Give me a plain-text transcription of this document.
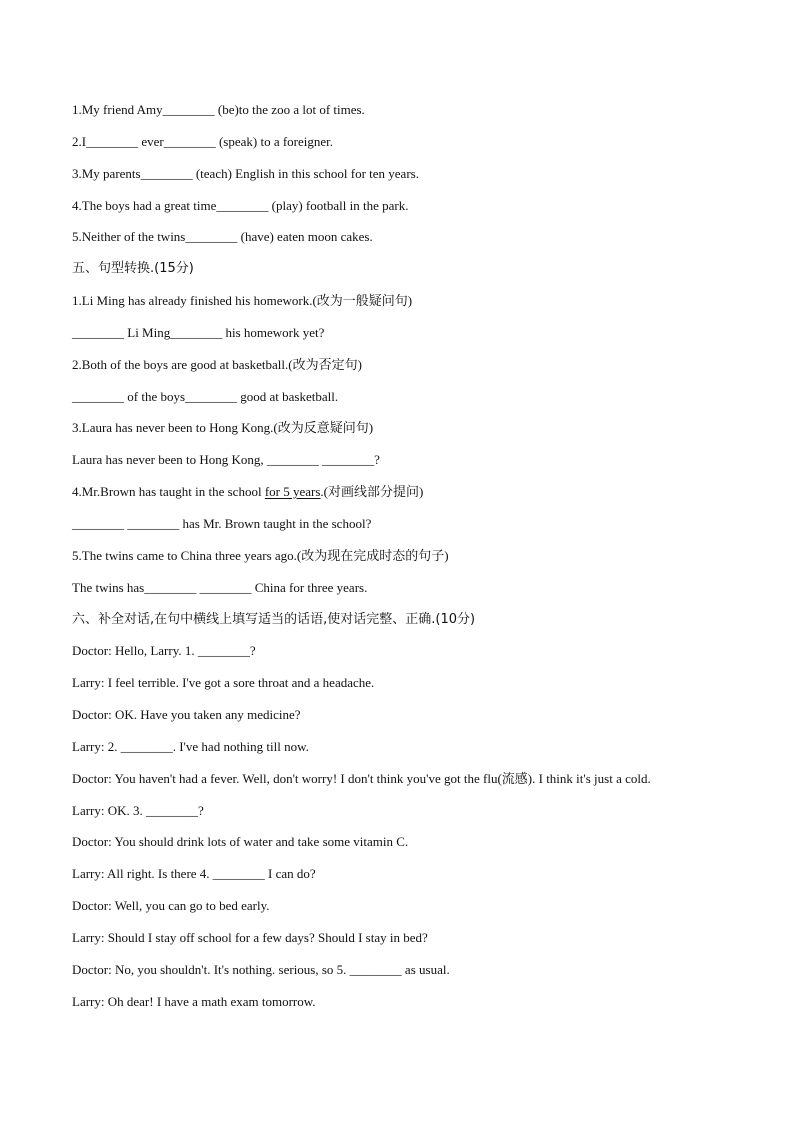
1.My friend Amy________ (be)to the zoo a lot of times.
2.I________ ever________ (speak) to a foreigner.
3.My parents________ (teach) English in this school for ten years.
4.The boys had a great time________ (play) football in the park.
5.Neither of the twins________ (have) eaten moon cakes.
五、句型转换.(15分)
1.Li Ming has already finished his homework.(改为一般疑问句)
________ Li Ming________ his homework yet?
2.Both of the boys are good at basketball.(改为否定句)
________ of the boys________ good at basketball.
3.Laura has never been to Hong Kong.(改为反意疑问句)
Laura has never been to Hong Kong, ________ ________?
4.Mr.Brown has taught in the school for 5 years.(对画线部分提问)
________ ________ has Mr. Brown taught in the school?
5.The twins came to China three years ago.(改为现在完成时态的句子)
The twins has________ ________ China for three years.
六、补全对话,在句中横线上填写适当的话语,使对话完整、正确.(10分)
Doctor: Hello, Larry. 1. ________?
Larry: I feel terrible. I've got a sore throat and a headache.
Doctor: OK. Have you taken any medicine?
Larry: 2. ________. I've had nothing till now.
Doctor: You haven't had a fever. Well, don't worry! I don't think you've got the flu(流感). I think it's just a cold.
Larry: OK. 3. ________?
Doctor: You should drink lots of water and take some vitamin C.
Larry: All right. Is there 4. ________ I can do?
Doctor: Well, you can go to bed early.
Larry: Should I stay off school for a few days? Should I stay in bed?
Doctor: No, you shouldn't. It's nothing. serious, so 5. ________ as usual.
Larry: Oh dear! I have a math exam tomorrow.
